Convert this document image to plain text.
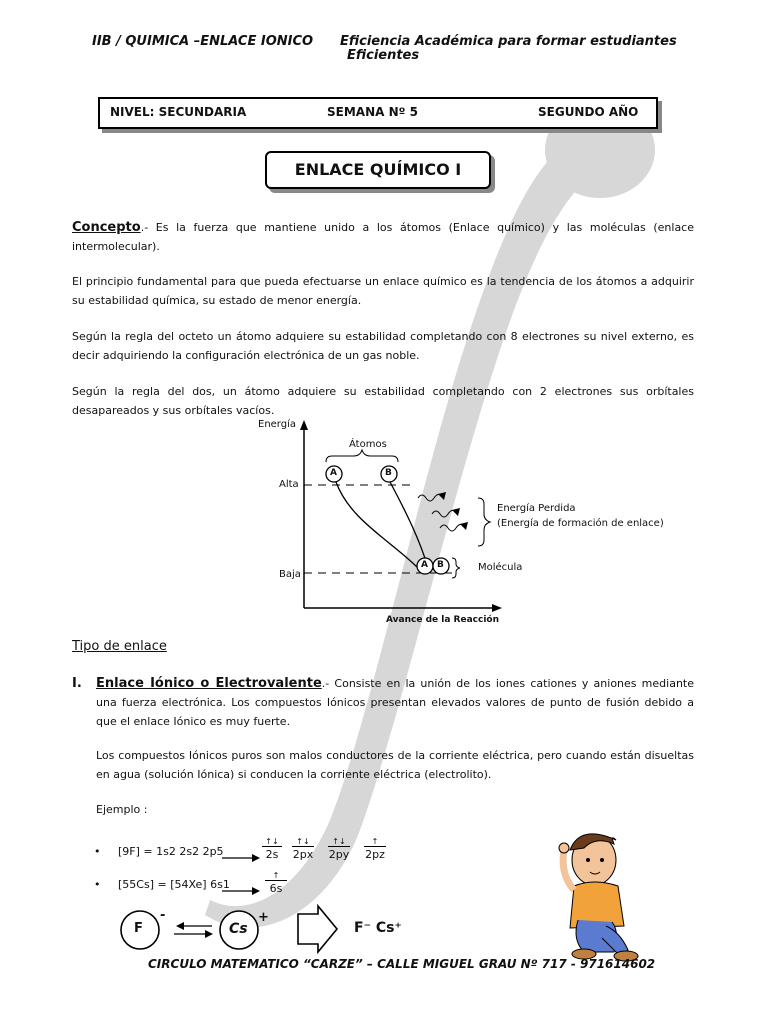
IIB / QUIMICA –ENLACE IONICO Eficiencia Académica para formar estudiantes
Eficientes
NIVEL: SECUNDARIA	SEMANA Nº 5	SEGUNDO AÑO
ENLACE QUÍMICO I
Concepto.- Es la fuerza que mantiene unido a los átomos (Enlace químico) y las moléculas (enlace intermolecular).
El principio fundamental para que pueda efectuarse un enlace químico es la tendencia de los átomos a adquirir su estabilidad química, su estado de menor energía.
Según la regla del octeto un átomo adquiere su estabilidad completando con 8 electrones su nivel externo, es decir adquiriendo la configuración electrónica de un gas noble.
Según la regla del dos, un átomo adquiere su estabilidad completando con 2 electrones sus orbítales desapareados y sus orbítales vacíos.
Energía
Átomos
Alta
Baja
Energía Perdida
(Energía de formación de enlace)
Molécula
Avance de la Reacción
A	B
A B
Tipo de enlace
I. Enlace Iónico o Electrovalente.- Consiste en la unión de los iones cationes y aniones mediante una fuerza electrónica. Los compuestos Iónicos presentan elevados valores de punto de fusión debido a que el enlace Iónico es muy fuerte.
Los compuestos Iónicos puros son malos conductores de la corriente eléctrica, pero cuando están disueltas en agua (solución Iónica) si conducen la corriente eléctrica (electrolito).
Ejemplo :
• [9F] = 1s2 2s2 2p5
• [55Cs] = [54Xe] 6s1
↑↓
2s
↑↓
2px
↑↓
2py
↑
2pz
↑
6s
F	Cs
-	+
F⁻ Cs⁺
CIRCULO MATEMATICO “CARZE” – CALLE MIGUEL GRAU Nº 717 - 971614602
